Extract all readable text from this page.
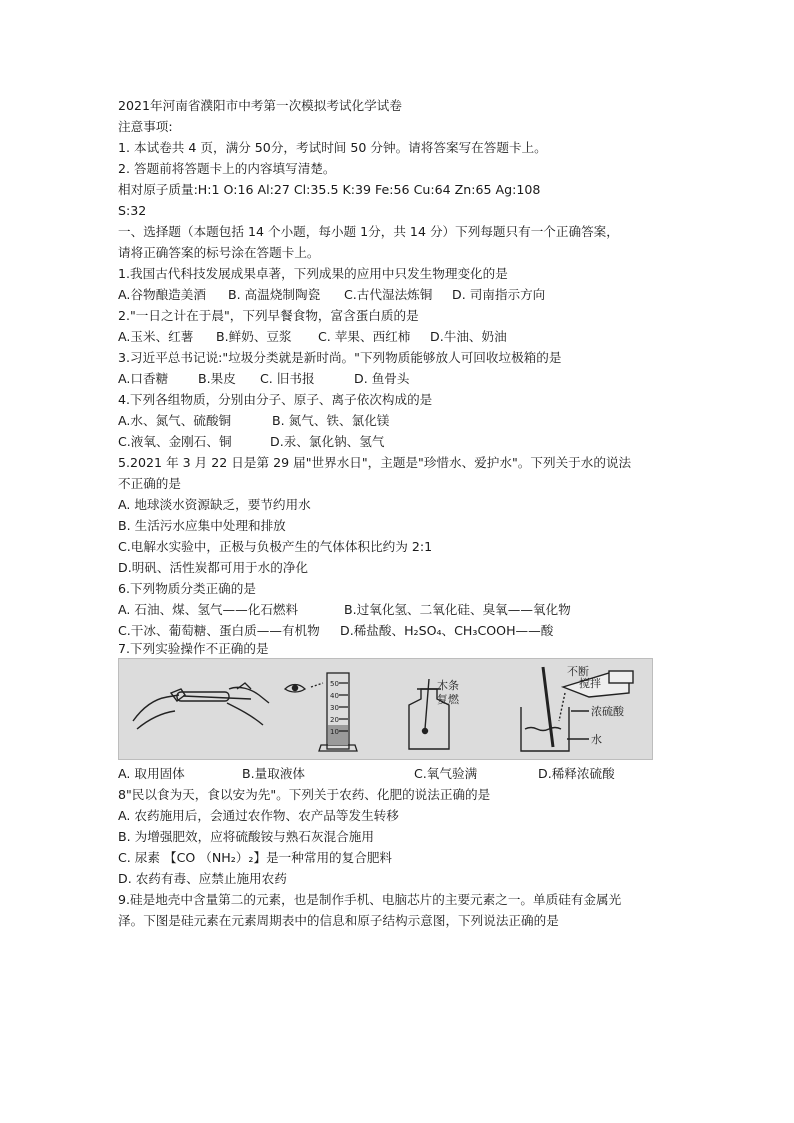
2021年河南省濮阳市中考第一次模拟考试化学试卷
注意事项:
1. 本试卷共 4 页，满分 50分，考试时间 50 分钟。请将答案写在答题卡上。
2. 答题前将答题卡上的内容填写清楚。
相对原子质量:H:1 O:16 Al:27 Cl:35.5 K:39 Fe:56 Cu:64 Zn:65 Ag:108
S:32
一、选择题（本题包括 14 个小题，每小题 1分，共 14 分）下列每题只有一个正确答案，
请将正确答案的标号涂在答题卡上。
1.我国古代科技发展成果卓著，下列成果的应用中只发生物理变化的是
A.谷物酿造美酒 B. 高温烧制陶瓷 C.古代湿法炼铜 D. 司南指示方向
2."一日之计在于晨"，下列早餐食物，富含蛋白质的是
A.玉米、红薯 B.鲜奶、豆浆 C. 苹果、西红柿 D.牛油、奶油
3.习近平总书记说:"垃圾分类就是新时尚。"下列物质能够放人可回收垃极箱的是
A.口香糖 B.果皮 C. 旧书报	D. 鱼骨头
4.下列各组物质，分别由分子、原子、离子依次构成的是
A.水、氮气、硫酸铜	B. 氮气、铁、氯化镁
C.液氧、金刚石、铜	D.汞、氯化钠、氢气
5.2021 年 3 月 22 日是第 29 届"世界水日"，主题是"珍惜水、爱护水"。下列关于水的说法
不正确的是
A. 地球淡水资源缺乏，要节约用水
B. 生活污水应集中处理和排放
C.电解水实验中，正极与负极产生的气体体积比约为 2:1
D.明矾、活性炭都可用于水的净化
6.下列物质分类正确的是
A. 石油、煤、氢气——化石燃料	B.过氧化氢、二氧化硅、臭氧——氧化物
C.干冰、葡萄糖、蛋白质——有机物 D.稀盐酸、H₂SO₄、CH₃COOH——酸
7.下列实验操作不正确的是
50
40
30
20
10
木条
复燃
不断
搅拌
浓硫酸
水
A. 取用固体	B.量取液体	C.氧气验满	D.稀释浓硫酸
8"民以食为天，食以安为先"。下列关于农药、化肥的说法正确的是
A. 农药施用后，会通过农作物、农产品等发生转移
B. 为增强肥效，应将硫酸铵与熟石灰混合施用
C. 尿素 【CO （NH₂）₂】是一种常用的复合肥料
D. 农药有毒、应禁止施用农药
9.硅是地壳中含量第二的元素，也是制作手机、电脑芯片的主要元素之一。单质硅有金属光
泽。下图是硅元素在元素周期表中的信息和原子结构示意图，下列说法正确的是
